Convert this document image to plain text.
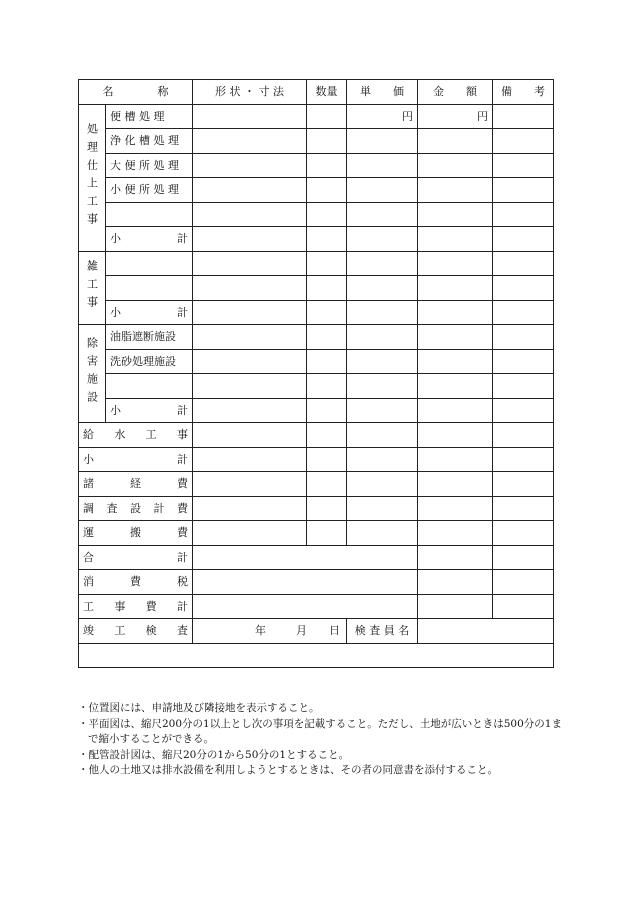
名　　　　称		形 状 ・ 寸 法	数量	単　　価	金　　額	備　　考
処理仕上工事	便 槽 処 理			円	円	
	浄 化 槽 処 理					
	大 便 所 処 理					
	小 便 所 処 理					

	小 計					

雑工事						

	小 計					

除害施設	油脂遮断施設					
	洗砂処理施設					

	小 計					

給 水 工 事						

小 計						

諸 経 費						

調 査 設 計 費						

運 搬 費						

合 計						

消 費 税						

工 事 費 計						

竣 工 検 査		年 月 日		検 査 員 名		

・位置図には、申請地及び隣接地を表示すること。
・平面図は、縮尺200分の1以上とし次の事項を記載すること。ただし、土地が広いときは500分の1まで縮小することができる。
・配管設計図は、縮尺20分の1から50分の1とすること。
・他人の土地又は排水設備を利用しようとするときは、その者の同意書を添付すること。
